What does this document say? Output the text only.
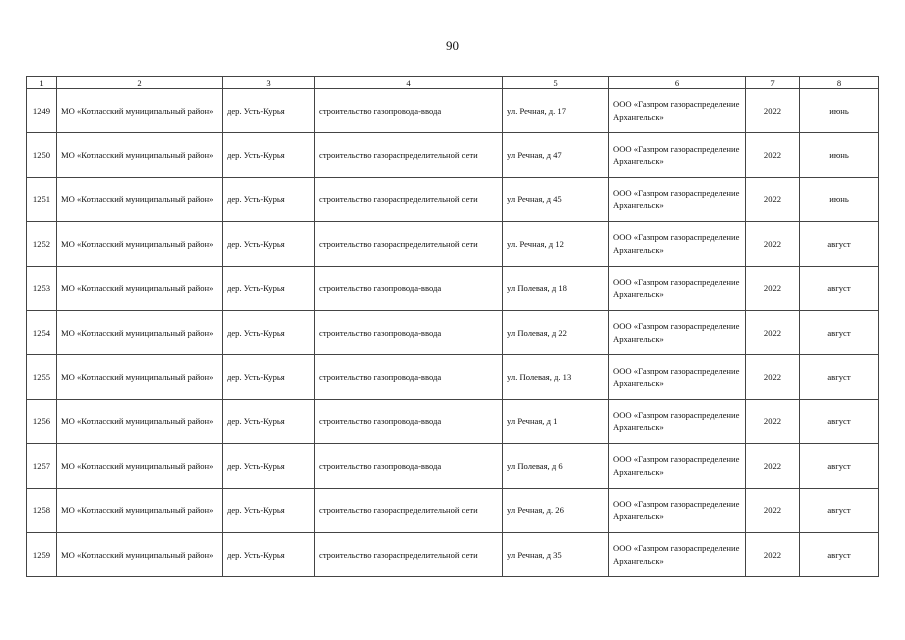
90
1	2	3	4	5	6	7	8
1249	МО «Котласский муниципальный район»	дер. Усть-Курья	строительство газопровода-ввода	ул. Речная, д. 17	ООО «Газпром газораспределение Архангельск»	2022	июнь
1250	МО «Котласский муниципальный район»	дер. Усть-Курья	строительство газораспределительной сети	ул Речная, д 47	ООО «Газпром газораспределение Архангельск»	2022	июнь
1251	МО «Котласский муниципальный район»	дер. Усть-Курья	строительство газораспределительной сети	ул Речная, д 45	ООО «Газпром газораспределение Архангельск»	2022	июнь
1252	МО «Котласский муниципальный район»	дер. Усть-Курья	строительство газораспределительной сети	ул. Речная, д 12	ООО «Газпром газораспределение Архангельск»	2022	август
1253	МО «Котласский муниципальный район»	дер. Усть-Курья	строительство газопровода-ввода	ул Полевая, д 18	ООО «Газпром газораспределение Архангельск»	2022	август
1254	МО «Котласский муниципальный район»	дер. Усть-Курья	строительство газопровода-ввода	ул Полевая, д 22	ООО «Газпром газораспределение Архангельск»	2022	август
1255	МО «Котласский муниципальный район»	дер. Усть-Курья	строительство газопровода-ввода	ул. Полевая, д. 13	ООО «Газпром газораспределение Архангельск»	2022	август
1256	МО «Котласский муниципальный район»	дер. Усть-Курья	строительство газопровода-ввода	ул Речная, д 1	ООО «Газпром газораспределение Архангельск»	2022	август
1257	МО «Котласский муниципальный район»	дер. Усть-Курья	строительство газопровода-ввода	ул Полевая, д 6	ООО «Газпром газораспределение Архангельск»	2022	август
1258	МО «Котласский муниципальный район»	дер. Усть-Курья	строительство газораспределительной сети	ул Речная, д. 26	ООО «Газпром газораспределение Архангельск»	2022	август
1259	МО «Котласский муниципальный район»	дер. Усть-Курья	строительство газораспределительной сети	ул Речная, д 35	ООО «Газпром газораспределение Архангельск»	2022	август
